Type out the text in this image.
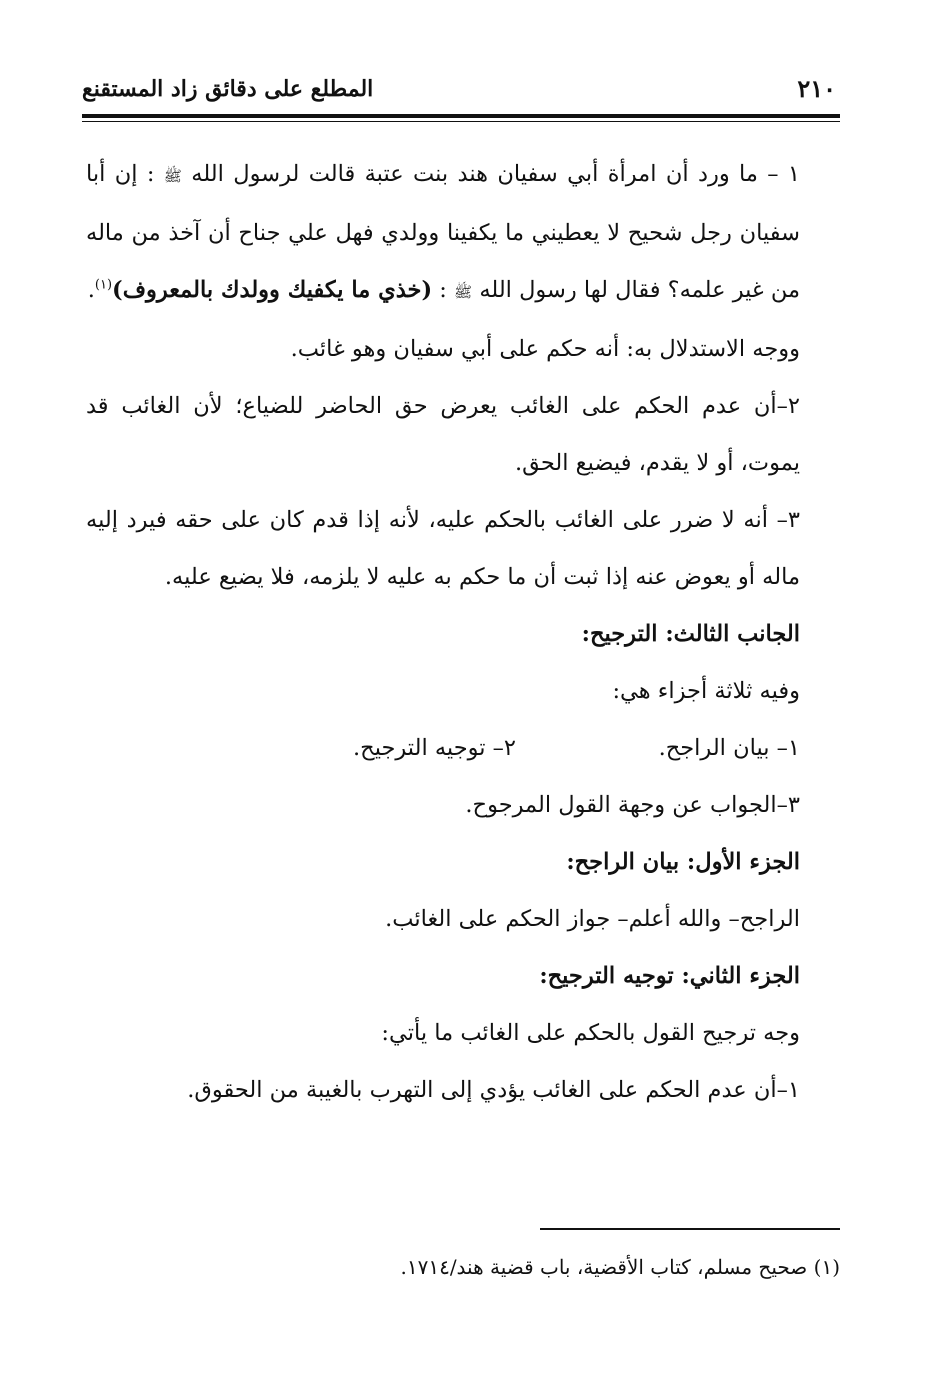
٢١٠
المطلع على دقائق زاد المستقنع

١ – ما ورد أن امرأة أبي سفيان هند بنت عتبة قالت لرسول الله ﷺ : إن أبا سفيان رجل شحيح لا يعطيني ما يكفينا وولدي فهل علي جناح أن آخذ من ماله من غير علمه؟ فقال لها رسول الله ﷺ : (خذي ما يكفيك وولدك بالمعروف)$^{(١)}$.

ووجه الاستدلال به: أنه حكم على أبي سفيان وهو غائب.

٢–أن عدم الحكم على الغائب يعرض حق الحاضر للضياع؛ لأن الغائب قد يموت، أو لا يقدم، فيضيع الحق.

٣– أنه لا ضرر على الغائب بالحكم عليه، لأنه إذا قدم كان على حقه فيرد إليه ماله أو يعوض عنه إذا ثبت أن ما حكم به عليه لا يلزمه، فلا يضيع عليه.

الجانب الثالث: الترجيح:

وفيه ثلاثة أجزاء هي:

١– بيان الراجح.
٢– توجيه الترجيح.

٣–الجواب عن وجهة القول المرجوح.

الجزء الأول: بيان الراجح:

الراجح– والله أعلم– جواز الحكم على الغائب.

الجزء الثاني: توجيه الترجيح:

وجه ترجيح القول بالحكم على الغائب ما يأتي:

١–أن عدم الحكم على الغائب يؤدي إلى التهرب بالغيبة من الحقوق.

(١) صحيح مسلم، كتاب الأقضية، باب قضية هند/١٧١٤.
